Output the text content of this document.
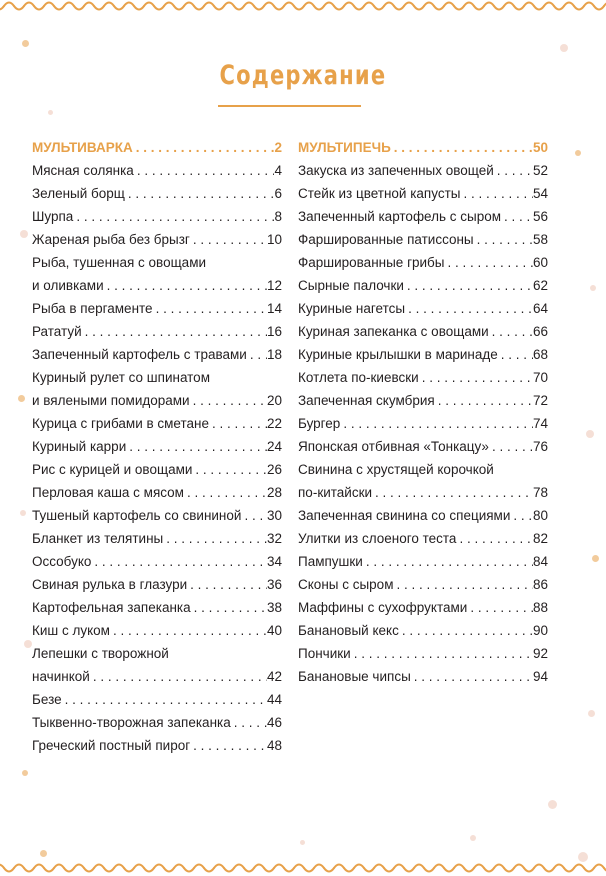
Содержание
МУЛЬТИВАРКА . . .	2
Мясная солянка . . .	4
Зеленый борщ . . .	6
Шурпа . . .	8
Жареная рыба без брызг . . .	10
Рыба, тушенная с овощами
и оливками . . .	12
Рыба в пергаменте . . .	14
Рататуй . . .	16
Запеченный картофель с травами . . . 18
Куриный рулет со шпинатом
и вялеными помидорами . . .	20
Курица с грибами в сметане . . .	22
Куриный карри . . .	24
Рис с курицей и овощами . . .	26
Перловая каша с мясом . . .	28
Тушеный картофель со свининой . . . 30
Бланкет из телятины . . .	32
Оссобуко . . .	34
Свиная рулька в глазури . . .	36
Картофельная запеканка . . .	38
Киш с луком . . .	40
Лепешки с творожной
начинкой . . .	42
Безе . . .	44
Тыквенно-творожная запеканка . . .	46
Греческий постный пирог . . .	48
МУЛЬТИПЕЧЬ . . .	50
Закуска из запеченных овощей . . .	52
Стейк из цветной капусты . . .	54
Запеченный картофель с сыром . . . 56
Фаршированные патиссоны . . .	58
Фаршированные грибы . . .	60
Сырные палочки . . .	62
Куриные нагетсы . . .	64
Куриная запеканка с овощами . . .	66
Куриные крылышки в маринаде . . .	68
Котлета по-киевски . . .	70
Запеченная скумбрия . . .	72
Бургер . . .	74
Японская отбивная «Тонкацу» . . .	76
Свинина с хрустящей корочкой
по-китайски . . .	78
Запеченная свинина со специями . . . 80
Улитки из слоеного теста . . .	82
Пампушки . . .	84
Сконы с сыром . . .	86
Маффины с сухофруктами . . .	88
Банановый кекс . . .	90
Пончики . . .	92
Банановые чипсы . . .	94
